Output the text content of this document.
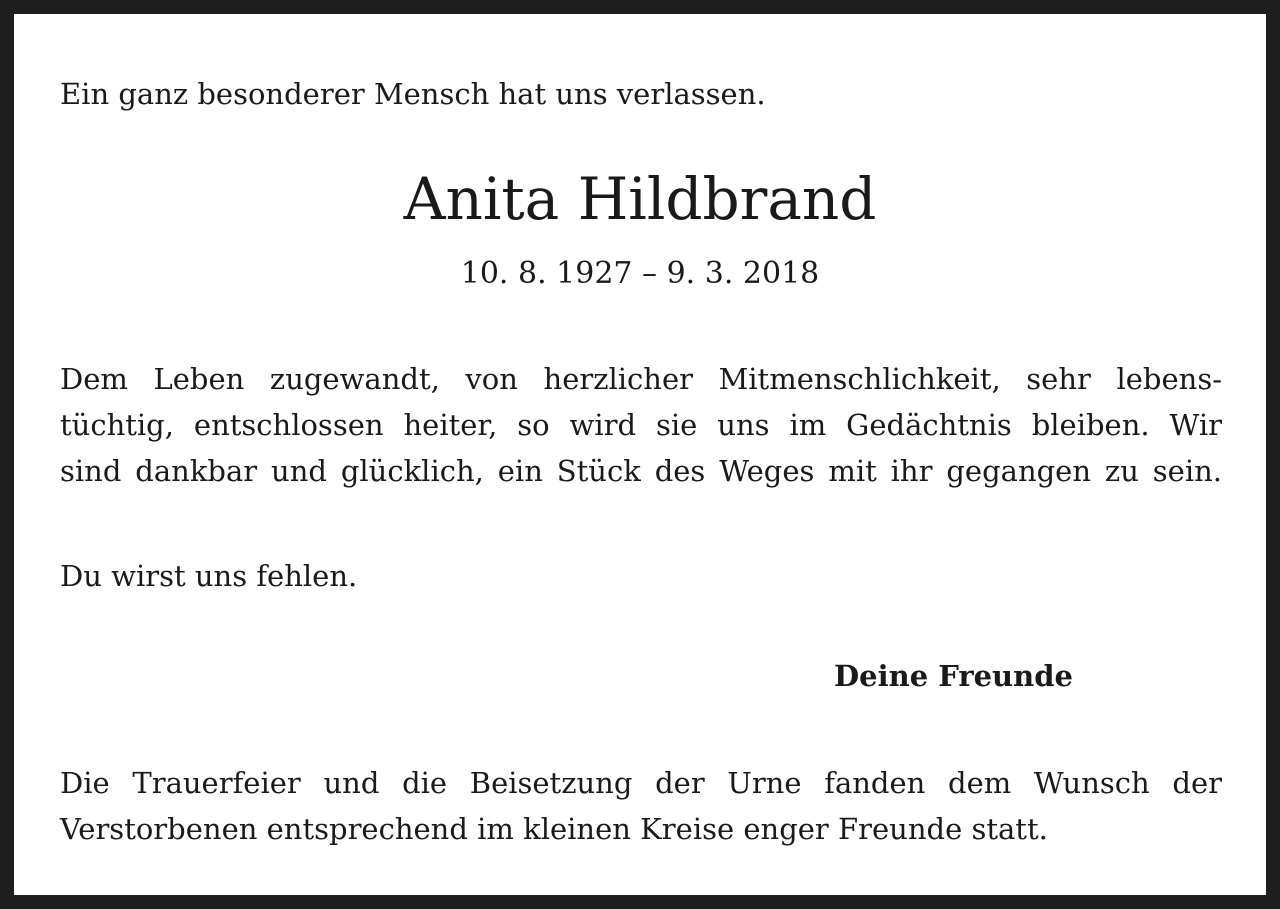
Ein ganz besonderer Mensch hat uns verlassen.
Anita Hildbrand
10. 8. 1927 – 9. 3. 2018

Dem Leben zugewandt, von herzlicher Mitmenschlichkeit, sehr lebens-
tüchtig, entschlossen heiter, so wird sie uns im Gedächtnis bleiben. Wir
sind dankbar und glücklich, ein Stück des Weges mit ihr gegangen zu sein.

Du wirst uns fehlen.
Deine Freunde

Die Trauerfeier und die Beisetzung der Urne fanden dem Wunsch der
Verstorbenen entsprechend im kleinen Kreise enger Freunde statt.
